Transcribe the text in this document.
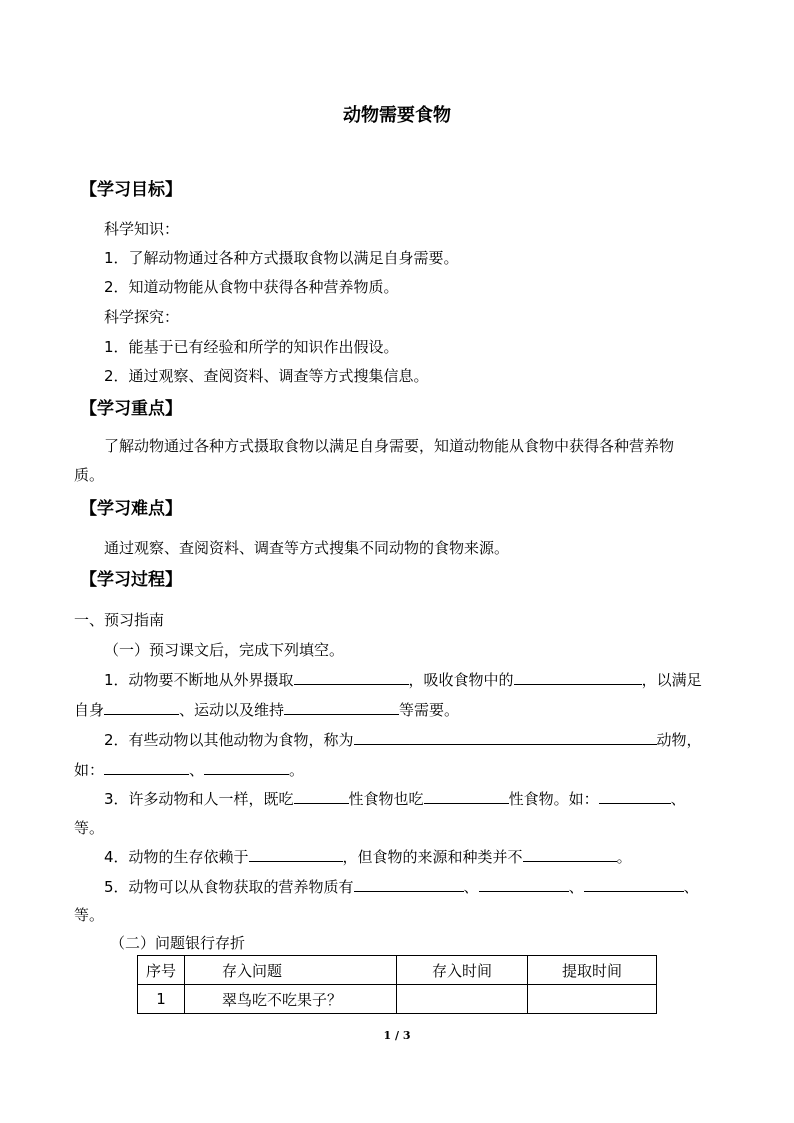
动物需要食物
【学习目标】
科学知识：
1．了解动物通过各种方式摄取食物以满足自身需要。
2．知道动物能从食物中获得各种营养物质。
科学探究：
1．能基于已有经验和所学的知识作出假设。
2．通过观察、查阅资料、调查等方式搜集信息。
【学习重点】
了解动物通过各种方式摄取食物以满足自身需要，知道动物能从食物中获得各种营养物
质。
【学习难点】
通过观察、查阅资料、调查等方式搜集不同动物的食物来源。
【学习过程】
一、预习指南
（一）预习课文后，完成下列填空。
1．动物要不断地从外界摄取	，吸收食物中的	，以满足
自身	、运动以及维持	等需要。
2．有些动物以其他动物为食物，称为	动物，
如：	、	。
3．许多动物和人一样，既吃	性食物也吃	性食物。如：	、
等。
4．动物的生存依赖于	，但食物的来源和种类并不	。
5．动物可以从食物获取的营养物质有	、	、	、
等。
（二）问题银行存折
序号	存入问题	存入时间	提取时间
1	翠鸟吃不吃果子？		
1 / 3
